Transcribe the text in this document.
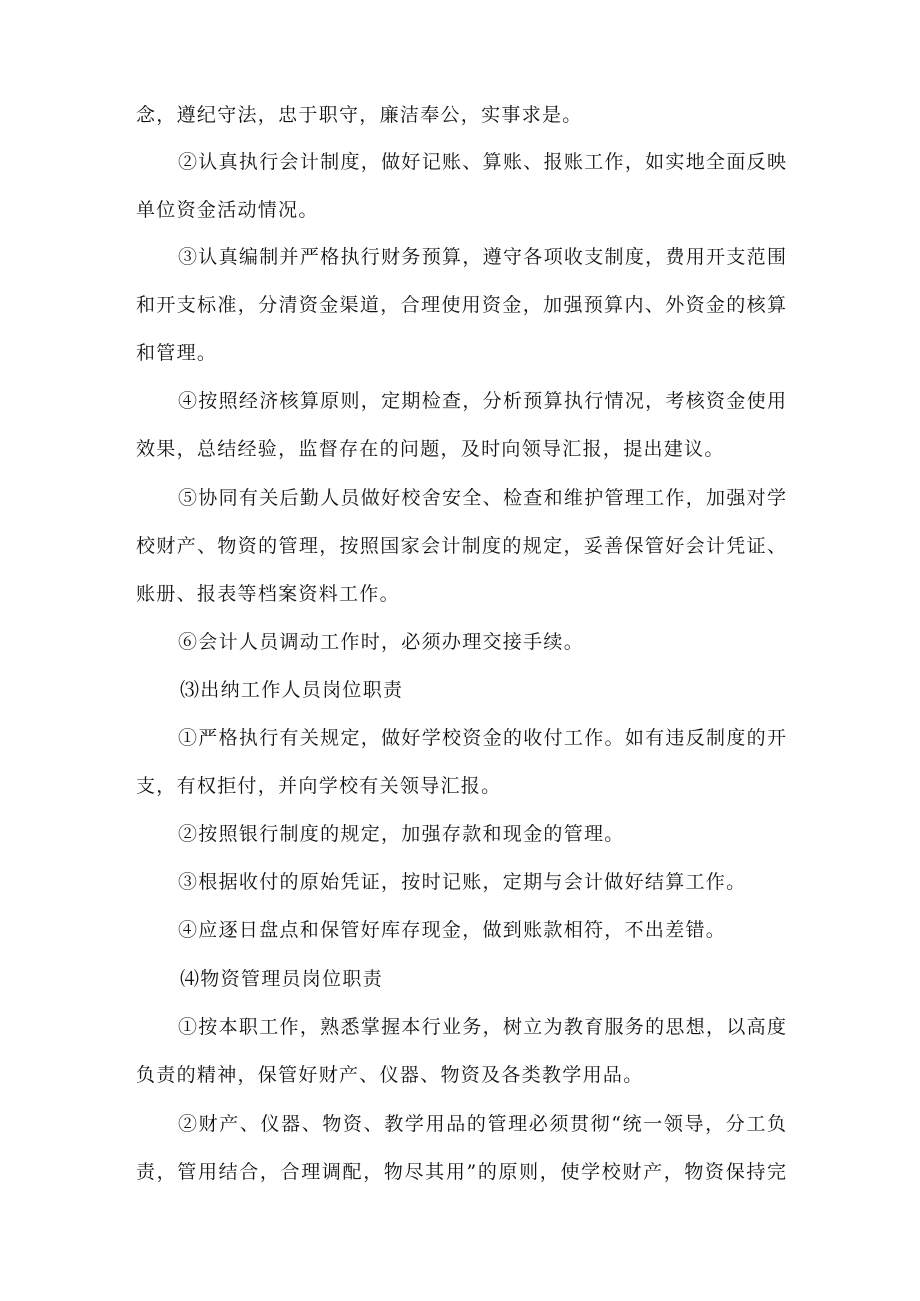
念，遵纪守法，忠于职守，廉洁奉公，实事求是。
②认真执行会计制度，做好记账、算账、报账工作，如实地全面反映
单位资金活动情况。
③认真编制并严格执行财务预算，遵守各项收支制度，费用开支范围
和开支标准，分清资金渠道，合理使用资金，加强预算内、外资金的核算
和管理。
④按照经济核算原则，定期检查，分析预算执行情况，考核资金使用
效果，总结经验，监督存在的问题，及时向领导汇报，提出建议。
⑤协同有关后勤人员做好校舍安全、检查和维护管理工作，加强对学
校财产、物资的管理，按照国家会计制度的规定，妥善保管好会计凭证、
账册、报表等档案资料工作。
⑥会计人员调动工作时，必须办理交接手续。
⑶出纳工作人员岗位职责
①严格执行有关规定，做好学校资金的收付工作。如有违反制度的开
支，有权拒付，并向学校有关领导汇报。
②按照银行制度的规定，加强存款和现金的管理。
③根据收付的原始凭证，按时记账，定期与会计做好结算工作。
④应逐日盘点和保管好库存现金，做到账款相符，不出差错。
⑷物资管理员岗位职责
①按本职工作，熟悉掌握本行业务，树立为教育服务的思想，以高度
负责的精神，保管好财产、仪器、物资及各类教学用品。
②财产、仪器、物资、教学用品的管理必须贯彻“统一领导，分工负
责，管用结合，合理调配，物尽其用”的原则，使学校财产，物资保持完
